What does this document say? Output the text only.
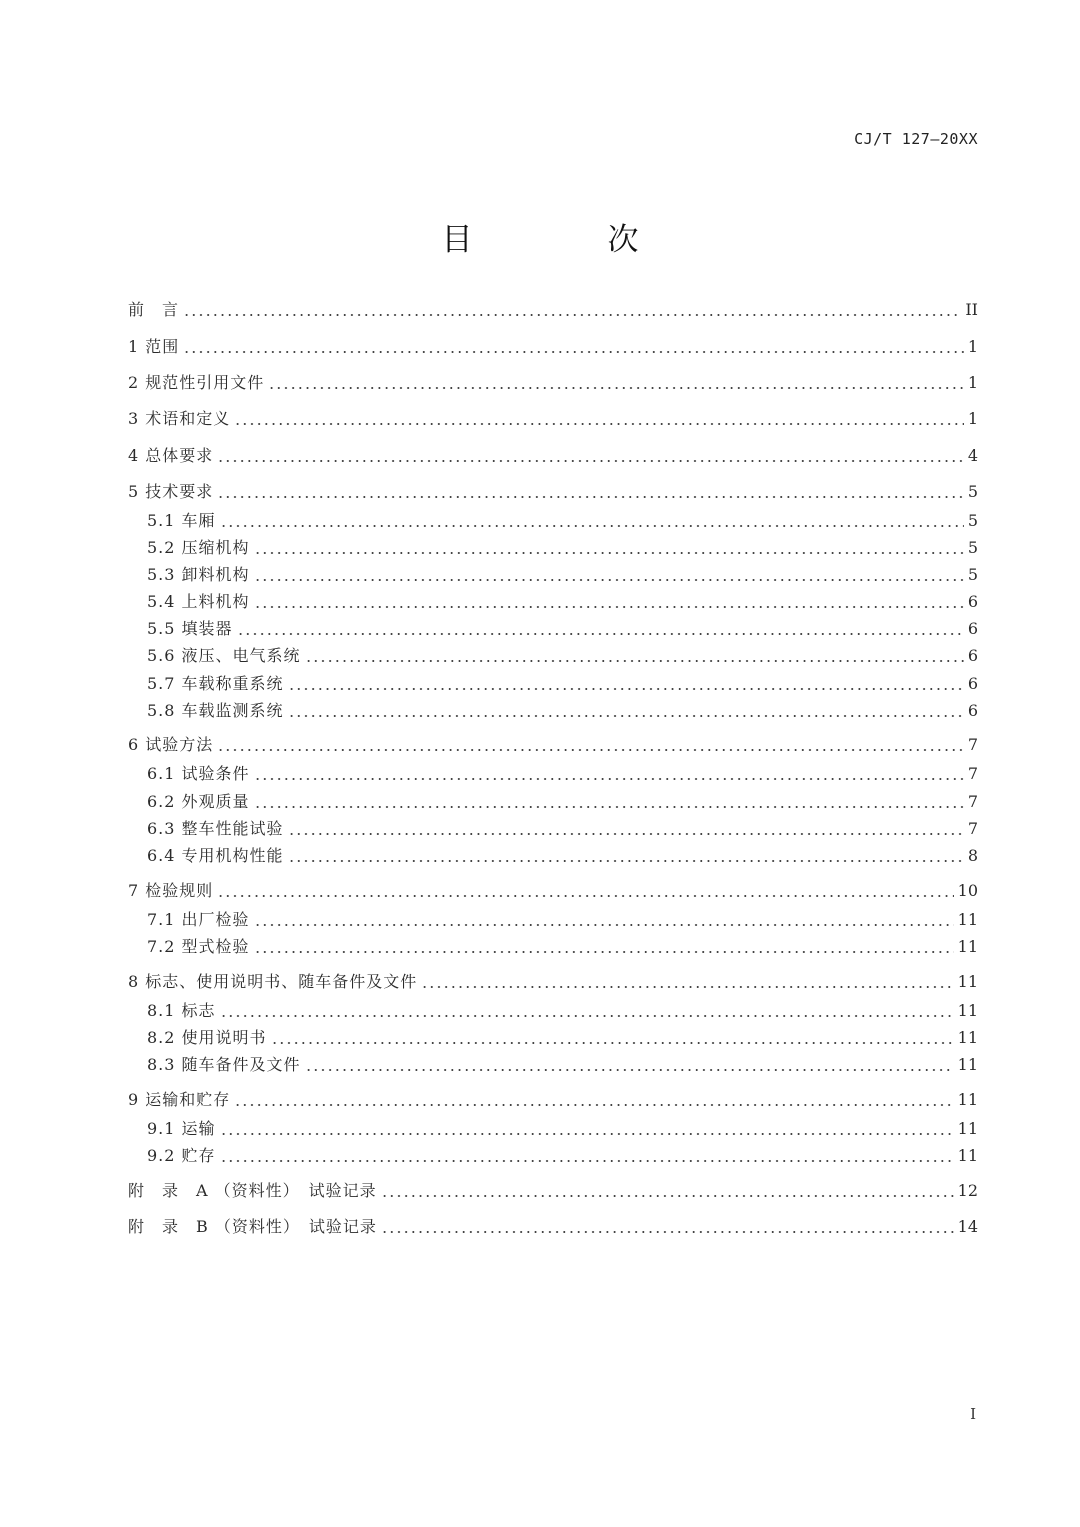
CJ/T 127—20XX
目　次
前　言	II
1 范围	1
2 规范性引用文件	1
3 术语和定义	1
4 总体要求	4
5 技术要求	5
5.1 车厢	5
5.2 压缩机构	5
5.3 卸料机构	5
5.4 上料机构	6
5.5 填装器	6
5.6 液压、电气系统	6
5.7 车载称重系统	6
5.8 车载监测系统	6
6 试验方法	7
6.1 试验条件	7
6.2 外观质量	7
6.3 整车性能试验	7
6.4 专用机构性能	8
7 检验规则	10
7.1 出厂检验	11
7.2 型式检验	11
8 标志、使用说明书、随车备件及文件	11
8.1 标志	11
8.2 使用说明书	11
8.3 随车备件及文件	11
9 运输和贮存	11
9.1 运输	11
9.2 贮存	11
附　录　A （资料性）　试验记录	12
附　录　B （资料性）　试验记录	14
I
